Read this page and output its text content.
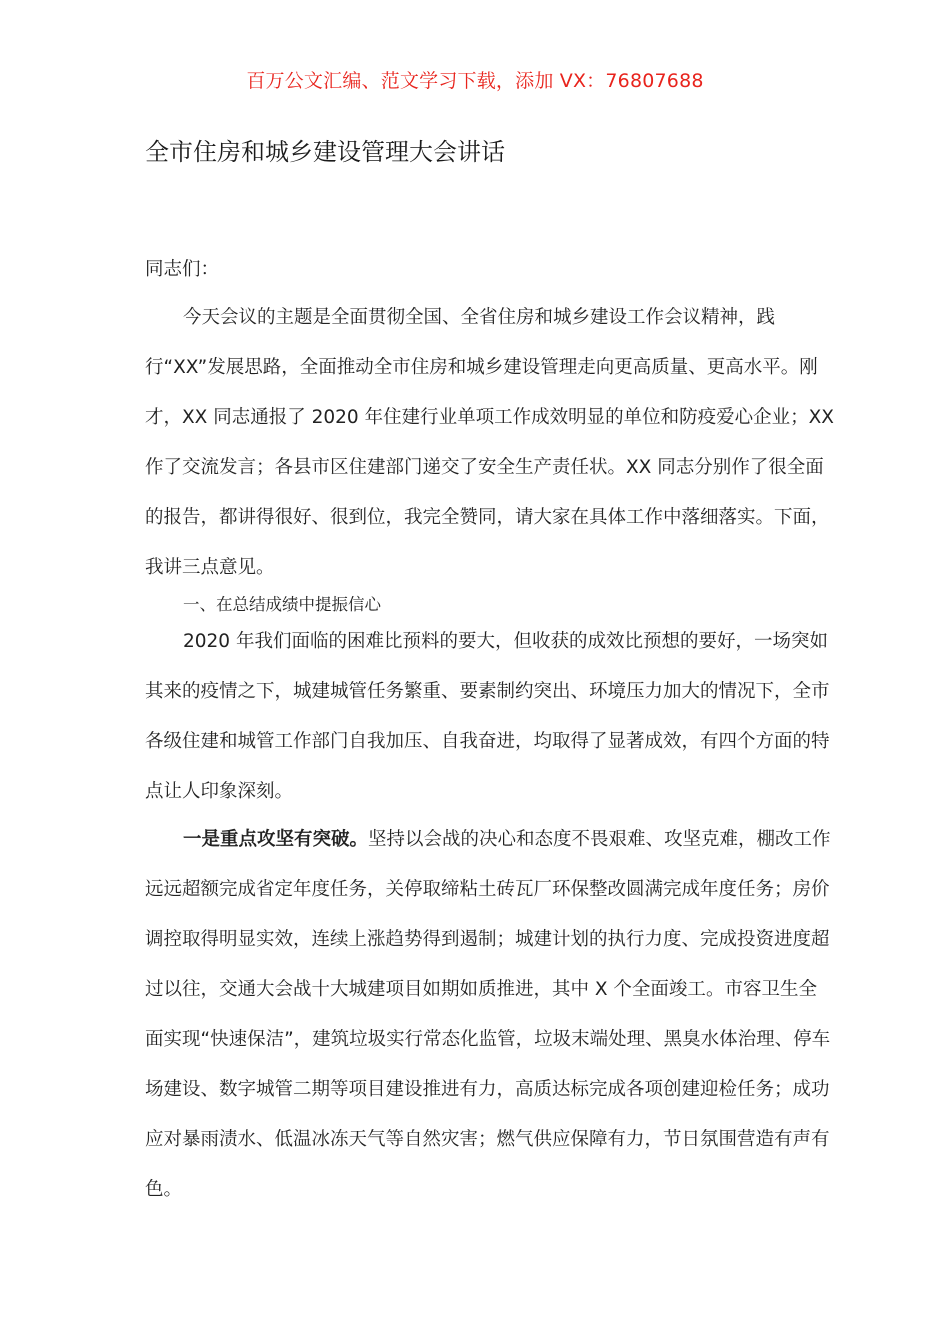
百万公文汇编、范文学习下载，添加 VX：76807688
全市住房和城乡建设管理大会讲话
同志们：
今天会议的主题是全面贯彻全国、全省住房和城乡建设工作会议精神，践行“XX”发展思路，全面推动全市住房和城乡建设管理走向更高质量、更高水平。刚才，XX 同志通报了 2020 年住建行业单项工作成效明显的单位和防疫爱心企业；XX 作了交流发言；各县市区住建部门递交了安全生产责任状。XX 同志分别作了很全面的报告，都讲得很好、很到位，我完全赞同，请大家在具体工作中落细落实。下面，我讲三点意见。
一、在总结成绩中提振信心
2020 年我们面临的困难比预料的要大，但收获的成效比预想的要好，一场突如其来的疫情之下，城建城管任务繁重、要素制约突出、环境压力加大的情况下，全市各级住建和城管工作部门自我加压、自我奋进，均取得了显著成效，有四个方面的特点让人印象深刻。
一是重点攻坚有突破。坚持以会战的决心和态度不畏艰难、攻坚克难，棚改工作远远超额完成省定年度任务，关停取缔粘土砖瓦厂环保整改圆满完成年度任务；房价调控取得明显实效，连续上涨趋势得到遏制；城建计划的执行力度、完成投资进度超过以往，交通大会战十大城建项目如期如质推进，其中 X 个全面竣工。市容卫生全面实现“快速保洁”，建筑垃圾实行常态化监管，垃圾末端处理、黑臭水体治理、停车场建设、数字城管二期等项目建设推进有力，高质达标完成各项创建迎检任务；成功应对暴雨渍水、低温冰冻天气等自然灾害；燃气供应保障有力，节日氛围营造有声有色。
